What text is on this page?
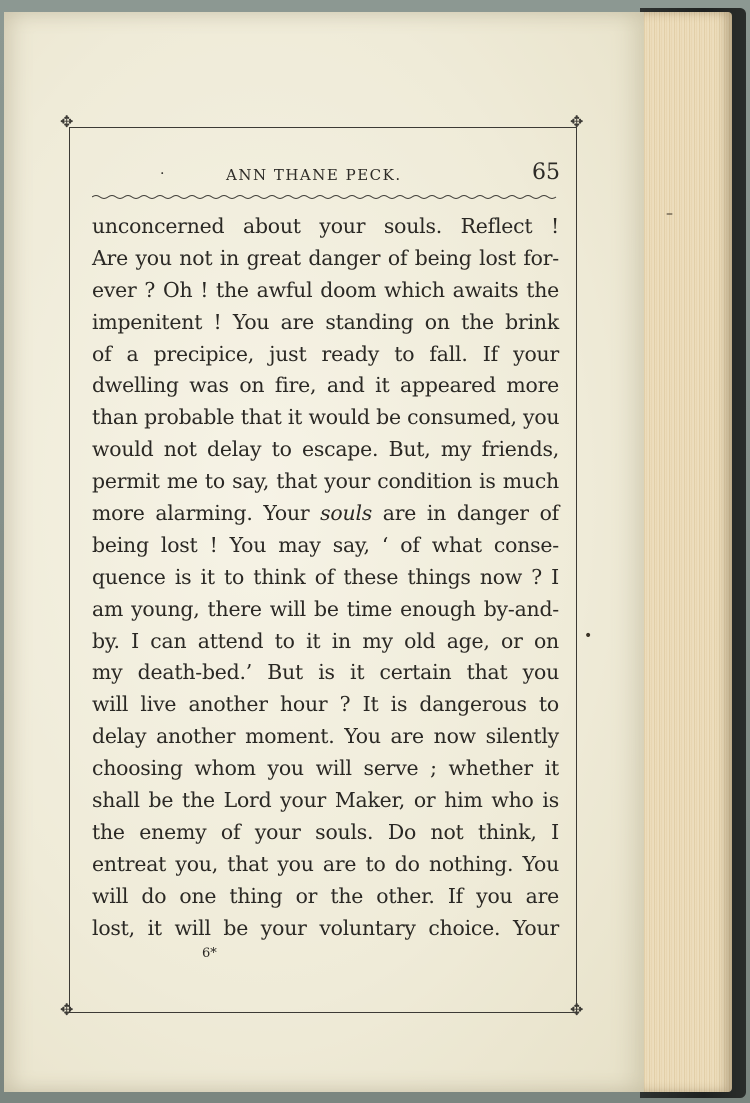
✥	✥
✥	✥
.	ANN THANE PECK.	65
unconcerned about your souls. Reflect !
Are you not in great danger of being lost for-
ever ? Oh ! the awful doom which awaits the
impenitent ! You are standing on the brink
of a precipice, just ready to fall. If your
dwelling was on fire, and it appeared more
than probable that it would be consumed, you
would not delay to escape. But, my friends,
permit me to say, that your condition is much
more alarming. Your souls are in danger of
being lost ! You may say, ‘ of what conse-
quence is it to think of these things now ? I
am young, there will be time enough by-and-
by. I can attend to it in my old age, or on
my death-bed.’ But is it certain that you
will live another hour ? It is dangerous to
delay another moment. You are now silently
choosing whom you will serve ; whether it
shall be the Lord your Maker, or him who is
the enemy of your souls. Do not think, I
entreat you, that you are to do nothing. You
will do one thing or the other. If you are
lost, it will be your voluntary choice. Your
6*
–
•
